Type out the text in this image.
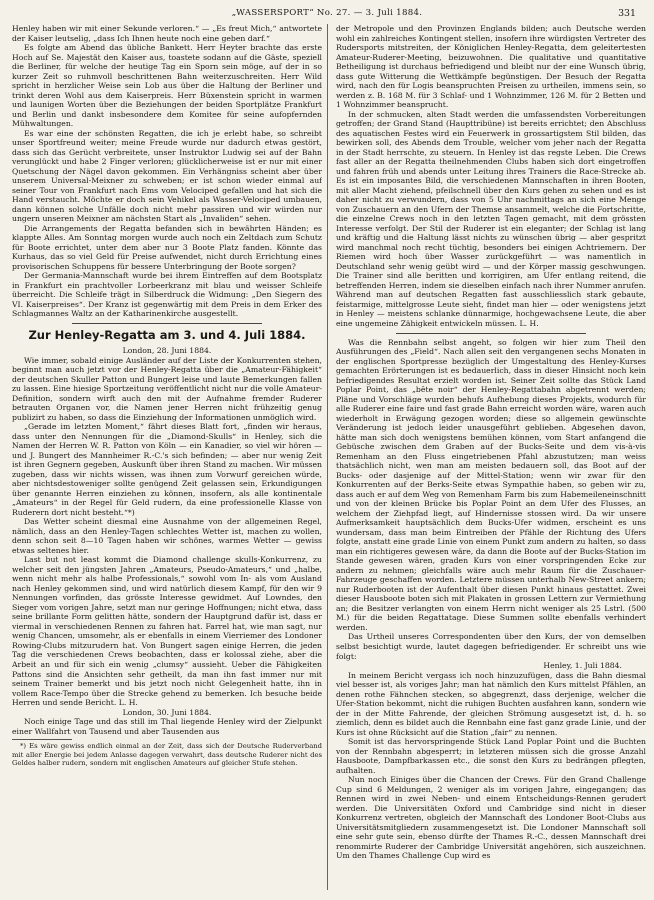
„WASSERSPORT“ No. 27. — 3. Juli 1884.	331

Henley haben wir mit einer Sekunde verloren.“ — „Es freut Mich,“ antwortete der Kaiser leutselig, „dass Ich Ihnen heute noch eine geben darf.“

Es folgte am Abend das übliche Bankett. Herr Heyter brachte das erste Hoch auf Se. Majestät den Kaiser aus, toastete sodann auf die Gäste, speziell die Berliner, für welche der heutige Tag ein Sporn sein möge, auf der in so kurzer Zeit so ruhmvoll beschrittenen Bahn weiterzuschreiten. Herr Wild spricht in herzlicher Weise sein Lob aus über die Haltung der Berliner und trinkt deren Wohl aus dem Kaiserpreis. Herr Büxenstein spricht in warmen und launigen Worten über die Beziehungen der beiden Sportplätze Frankfurt und Berlin und dankt insbesondere dem Komitee für seine aufopfernden Mühwaltungen.

Es war eine der schönsten Regatten, die ich je erlebt habe, so schreibt unser Sportfreund weiter; meine Freude wurde nur dadurch etwas gestört, dass sich das Gerücht verbreitete, unser Instruktor Ludwig sei auf der Bahn verunglückt und habe 2 Finger verloren; glücklicherweise ist er nur mit einer Quetschung der Nägel davon gekommen. Ein Verhängniss scheint aber über unserem Universal-Meixner zu schweben; er ist schon wieder einmal auf seiner Tour von Frankfurt nach Ems vom Velociped gefallen und hat sich die Hand verstaucht. Möchte er doch sein Vehikel als Wasser-Velociped umbauen, dann können solche Unfälle doch nicht mehr passiren und wir würden nur ungern unseren Meixner am nächsten Start als „Invaliden“ sehen.

Die Arrangements der Regatta befanden sich in bewährten Händen; es klappte Alles. Am Sonntag morgen wurde auch noch ein Zeltdach zum Schutz für Boote errichtet, unter dem aber nur 3 Boote Platz fanden. Könnte das Kurhaus, das so viel Geld für Preise aufwendet, nicht durch Errichtung eines provisorischen Schuppens für bessere Unterbringung der Boote sorgen?

Der Germania-Mannschaft wurde bei ihrem Eintreffen auf dem Bootsplatz in Frankfurt ein prachtvoller Lorbeerkranz mit blau und weisser Schleife überreicht. Die Schleife trägt in Silberdruck die Widmung: „Den Siegern des VI. Kaiserpreises“. Der Kranz ist gegenwärtig mit dem Preis in dem Erker des Schlagmannes Waltz an der Katharinenkirche ausgestellt.

Zur Henley-Regatta am 3. und 4. Juli 1884.

London, 28. Juni 1884.

Wie immer, sobald einige Ausländer auf der Liste der Konkurrenten stehen, beginnt man auch jetzt vor der Henley-Regatta über die „Amateur-Fähigkeit“ der deutschen Skuller Patton und Bungert leise und laute Bemerkungen fallen zu lassen. Eine hiesige Sportzeitung veröffentlicht nicht nur die volle Amateur-Definition, sondern wirft auch den mit der Aufnahme fremder Ruderer betrauten Organen vor, die Namen jener Herren nicht frühzeitig genug publizirt zu haben, so dass die Einziehung der Informationen unmöglich wird.

„Gerade im letzten Moment,“ fährt dieses Blatt fort, „finden wir heraus, dass unter den Nennungen für die „Diamond-Skulls“ in Henley, sich die Namen der Herren W. R. Patton von Köln — ein Kanadier, so viel wir hören — und J. Bungert des Mannheimer R.-C.'s sich befinden; — aber nur wenig Zeit ist ihren Gegnern gegeben, Auskunft über ihren Stand zu machen. Wir müssen zugeben, dass wir nichts wissen, was ihnen zum Vorwurf gereichen würde, aber nichtsdestoweniger sollte genügend Zeit gelassen sein, Erkundigungen über genannte Herren einziehen zu können, insofern, als alle kontinentale „Amateurs“ in der Regel für Geld rudern, da eine professionelle Klasse von Ruderern dort nicht besteht.“*)

Das Wetter scheint diesmal eine Ausnahme von der allgemeinen Regel, nämlich, dass an den Henley-Tagen schlechtes Wetter ist, machen zu wollen, denn schon seit 8—10 Tagen haben wir schönes, warmes Wetter — gewiss etwas seltenes hier.

Last but not least kommt die Diamond challenge skulls-Konkurrenz, zu welcher seit den jüngsten Jahren „Amateurs, Pseudo-Amateurs,“ und „halbe, wenn nicht mehr als halbe Professionals,“ sowohl vom In- als vom Ausland nach Henley gekommen sind, und wird natürlich diesem Kampf, für den wir 9 Nennungen vorfinden, das grösste Interesse gewidmet. Auf Lowndes, den Sieger vom vorigen Jahre, setzt man nur geringe Hoffnungen; nicht etwa, dass seine brillante Form gelitten hätte, sondern der Hauptgrund dafür ist, dass er viermal in verschiedenen Rennen zu fahren hat. Farrel hat, wie man sagt, nur wenig Chancen, umsomehr, als er ebenfalls in einem Vierriemer des Londoner Rowing-Clubs mitzurudern hat. Von Bungert sagen einige Herren, die jeden Tag die verschiedenen Crews beobachten, dass er kolossal ziehe, aber die Arbeit an und für sich ein wenig „clumsy“ aussieht. Ueber die Fähigkeiten Pattons sind die Ansichten sehr getheilt, da man ihn fast immer nur mit seinem Trainer bemerkt und bis jetzt noch nicht Gelegenheit hatte, ihn in vollem Race-Tempo über die Strecke gehend zu bemerken. Ich besuche beide Herren und sende Bericht. L. H.

London, 30. Juni 1884.

Noch einige Tage und das still im Thal liegende Henley wird der Zielpunkt einer Wallfahrt von Tausend und aber Tausenden aus

*) Es wäre gewiss endlich einmal an der Zeit, dass sich der Deutsche Ruderverband mit aller Energie bei jedem Anlasse dagegen verwahrt, dass deutsche Ruderer nicht des Geldes halber rudern, sondern mit englischen Amateurs auf gleicher Stufe stehen.

der Metropole und den Provinzen Englands bilden; auch Deutsche werden wohl ein zahlreiches Kontingent stellen, insofern ihre würdigsten Vertreter des Rudersports mitstreiten, der Königlichen Henley-Regatta, dem geleitertesten Amateur-Ruderer-Meeting, beizuwohnen. Die qualitative und quantitative Betheiligung ist durchaus befriedigend und bleibt nur der eine Wunsch übrig, dass gute Witterung die Wettkämpfe begünstigen. Der Besuch der Regatta wird, nach den für Logis beanspruchten Preisen zu urtheilen, immens sein, so werden z. B. 168 M. für 3 Schlaf- und 1 Wohnzimmer, 126 M. für 2 Betten und 1 Wohnzimmer beansprucht.

In der schmucken, alten Stadt werden die umfassendsten Vorbereitungen getroffen; der Grand Stand (Haupttribüne) ist bereits errichtet; den Abschluss des aquatischen Festes wird ein Feuerwerk in grossartigstem Stil bilden, das bewirken soll, des Abends dem Trouble, welcher vom jeher nach der Regatta in der Stadt herrschte, zu steuern. In Henley ist das regste Leben. Die Crews fast aller an der Regatta theilnehmenden Clubs haben sich dort eingetroffen und fahren früh und abends unter Leitung ihres Trainers die Race-Strecke ab. Es ist ein imposantes Bild, die verschiedenen Mannschaften in ihren Booten, mit aller Macht ziehend, pfeilschnell über den Kurs gehen zu sehen und es ist daher nicht zu verwundern, dass von 5 Uhr nachmittags an sich eine Menge von Zuschauern an den Ufern der Themse ansammelt, welche die Fortschritte, die einzelne Crews noch in den letzten Tagen gemacht, mit dem grössten Interesse verfolgt. Der Stil der Ruderer ist ein eleganter; der Schlag ist lang und kräftig und die Haltung lässt nichts zu wünschen übrig — aber gespritzt wird manchmal noch recht tüchtig, besonders bei einigen Achtriemern. Der Riemen wird hoch über Wasser zurückgeführt — was namentlich in Deutschland sehr wenig geübt wird — und der Körper massig geschwungen. Die Trainer sind alle beritten und korrigiren, am Ufer entlang reitend, die betreffenden Herren, indem sie dieselben einfach nach ihrer Nummer anrufen. Während man auf deutschen Regatten fast ausschliesslich stark gebaute, feistarmige, mittelgrosse Leute sieht, findet man hier — oder wenigstens jetzt in Henley — meistens schlanke dünnarmige, hochgewachsene Leute, die aber eine ungemeine Zähigkeit entwickeln müssen. L. H.

Was die Rennbahn selbst angeht, so folgen wir hier zum Theil den Ausführungen des „Field“. Nach allen seit den vergangenen sechs Monaten in der englischen Sportpresse bezüglich der Umgestaltung des Henley-Kurses gemachten Erörterungen ist es bedauerlich, dass in dieser Hinsicht noch kein befriedigendes Resultat erzielt worden ist. Seiner Zeit sollte das Stück Land Poplar Point, das „bête noir“ der Henley-Regattabahn abgetrennt werden; Pläne und Vorschläge wurden behufs Aufhebung dieses Projekts, wodurch für alle Ruderer eine faire und fast grade Bahn erreicht worden wäre, waren auch wiederholt in Erwägung gezogen worden; diese so allgemein gewünschte Veränderung ist jedoch leider unausgeführt geblieben. Abgesehen davon, hätte man sich doch wenigstens bemühen können, vom Start anfangend die Gebüsche zwischen dem Graben auf der Bucks-Seite und dem vis-à-vis Remenham an den Fluss eingetriebenen Pfahl abzustutzen; man weiss thatsächlich nicht, wen man am meisten bedauern soll, das Boot auf der Bucks- oder dasjenige auf der Mittel-Station; wenn wir zwar für den Konkurrenten auf der Berks-Seite etwas Sympathie haben, so geben wir zu, dass auch er auf dem Weg von Remenham Farm bis zum Habemeileneinschnitt und von der kleinen Brücke bis Poplar Point an dem Ufer des Flusses, an welchem der Ziehpfad liegt, auf Hindernisse stossen wird. Da wir unsere Aufmerksamkeit hauptsächlich dem Bucks-Ufer widmen, erscheint es uns wundersam, dass man beim Eintreiben der Pfähle der Richtung des Ufers folgte, anstatt eine grade Linie von einem Punkt zum andern zu halten, so dass man ein richtigeres gewesen wäre, da dann die Boote auf der Bucks-Station im Stande gewesen wären, graden Kurs von einer vorspringenden Ecke zur andern zu nehmen; gleichfalls wäre auch mehr Raum für die Zuschauer-Fahrzeuge geschaffen worden. Letztere müssen unterhalb New-Street ankern; nur Ruderbooten ist der Aufenthalt über diesen Punkt hinaus gestattet. Zwei dieser Hausboote boten sich mit Plakaten in grossen Lettern zur Vermiethung an; die Besitzer verlangten von einem Herrn nicht weniger als 25 Lstrl. (500 M.) für die beiden Regattatage. Diese Summen sollte ebenfalls verhindert werden.

Das Urtheil unseres Correspondenten über den Kurs, der von demselben selbst besichtigt wurde, lautet dagegen befriedigender. Er schreibt uns wie folgt:

Henley, 1. Juli 1884.

In meinem Bericht vergass ich noch hinzuzufügen, dass die Bahn diesmal viel besser ist, als voriges Jahr; man hat nämlich den Kurs mittelst Pfählen, an denen rothe Fähnchen stecken, so abgegrenzt, dass derjenige, welcher die Ufer-Station bekommt, nicht die ruhigen Buchten ausfahren kann, sondern wie der in der Mitte Fahrende, der gleichen Strömung ausgesetzt ist, d. h. so ziemlich, denn es bildet auch die Rennbahn eine fast ganz grade Linie, und der Kurs ist ohne Rücksicht auf die Station „fair“ zu nennen.

Somit ist das hervorspringende Stück Land Poplar Point und die Buchten von der Rennbahn abgesperrt; in letzteren müssen sich die grosse Anzahl Hausboote, Dampfbarkassen etc., die sonst den Kurs zu bedrängen pflegten, aufhalten.

Nun noch Einiges über die Chancen der Crews. Für den Grand Challenge Cup sind 6 Meldungen, 2 weniger als im vorigen Jahre, eingegangen; das Rennen wird in zwei Neben- und einem Entscheidungs-Rennen gerudert werden. Die Universitäten Oxford und Cambridge sind nicht in dieser Konkurrenz vertreten, obgleich der Mannschaft des Londoner Boot-Clubs aus Universitätsmitgliedern zusammengesetzt ist. Die Londoner Mannschaft soll eine sehr gute sein, ebenso dürfte der Thames R.-C., dessen Mannschaft drei renommirte Ruderer der Cambridge Universität angehören, sich auszeichnen. Um den Thames Challenge Cup wird es
